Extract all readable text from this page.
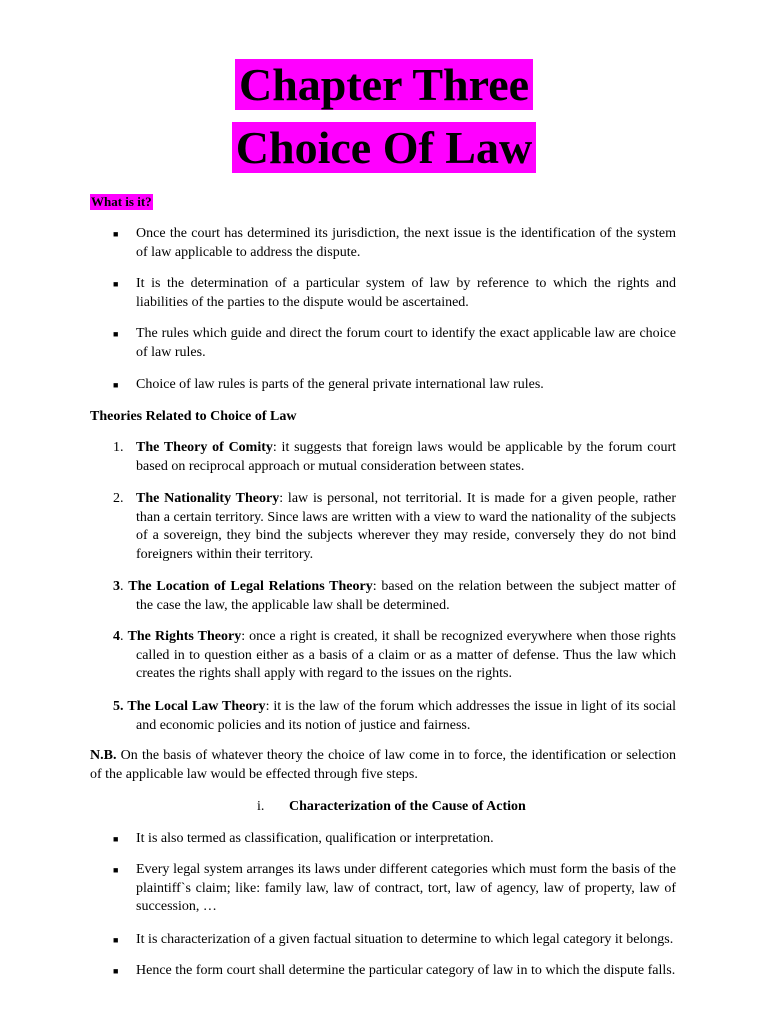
Chapter Three
Choice Of Law
What is it?
■ Once the court has determined its jurisdiction, the next issue is the identification of the system of law applicable to address the dispute.
■ It is the determination of a particular system of law by reference to which the rights and liabilities of the parties to the dispute would be ascertained.
■ The rules which guide and direct the forum court to identify the exact applicable law are choice of law rules.
■ Choice of law rules is parts of the general private international law rules.
Theories Related to Choice of Law
1. The Theory of Comity: it suggests that foreign laws would be applicable by the forum court based on reciprocal approach or mutual consideration between states.
2. The Nationality Theory: law is personal, not territorial. It is made for a given people, rather than a certain territory. Since laws are written with a view to ward the nationality of the subjects of a sovereign, they bind the subjects wherever they may reside, conversely they do not bind foreigners within their territory.
3. The Location of Legal Relations Theory: based on the relation between the subject matter of the case the law, the applicable law shall be determined.
4. The Rights Theory: once a right is created, it shall be recognized everywhere when those rights called in to question either as a basis of a claim or as a matter of defense. Thus the law which creates the rights shall apply with regard to the issues on the rights.
5. The Local Law Theory: it is the law of the forum which addresses the issue in light of its social and economic policies and its notion of justice and fairness.
N.B. On the basis of whatever theory the choice of law come in to force, the identification or selection of the applicable law would be effected through five steps.
i. Characterization of the Cause of Action
■ It is also termed as classification, qualification or interpretation.
■ Every legal system arranges its laws under different categories which must form the basis of the plaintiff`s claim; like: family law, law of contract, tort, law of agency, law of property, law of succession, …
■ It is characterization of a given factual situation to determine to which legal category it belongs.
■ Hence the form court shall determine the particular category of law in to which the dispute falls.
